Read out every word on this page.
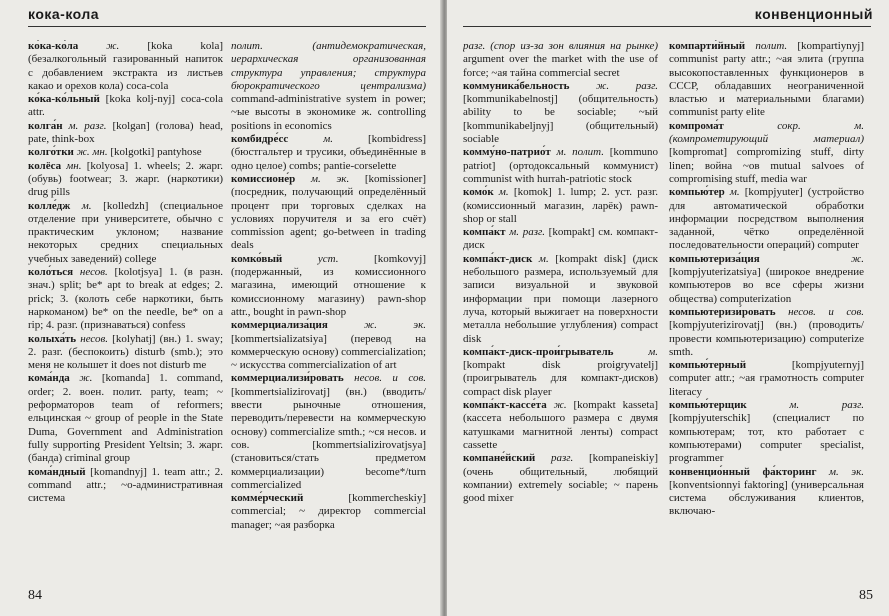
кока-кола

ко́ка-ко́ла ж. [koka kola] (безалкогольный газированный напиток с добавлением экстракта из листьев какао и орехов кола) coca-cola

ко́ка-ко́льный [koka kolj-nyj] coca-cola attr.

колга́н м. разг. [kolgan] (голова) head, pate, think-box

колго́тки ж. мн. [kolgotki] pantyhose

колёса мн. [kolyosa] 1. wheels; 2. жарг. (обувь) footwear; 3. жарг. (наркотики) drug pills

колле́дж м. [kolledzh] (специальное отделение при университете, обычно с практическим уклоном; название некоторых средних специальных учебных заведений) college

коло́ться несов. [kolotjsya] 1. (в разн. знач.) split; be* apt to break at edges; 2. prick; 3. (колоть себе наркотики, быть наркоманом) be* on the needle, be* on a rip; 4. разг. (признаваться) confess

колыха́ть несов. [kolyhatj] (вн.) 1. sway; 2. разг. (беспокоить) disturb (smb.); это меня не колышет it does not disturb me

кома́нда ж. [komanda] 1. command, order; 2. воен. полит. party, team; ~ реформаторов team of reformers; ельцинская ~ group of people in the State Duma, Government and Administration fully supporting President Yeltsin; 3. жарг. (банда) criminal group

кома́ндный [komandnyj] 1. team attr.; 2. command attr.; ~о-административная система

полит. (антидемократическая, иерархическая организованная структура управления; структура бюрократического централизма) command-administrative system in power; ~ые высоты в экономике ж. controlling positions in economics

комбидре́сс м. [kombidress] (бюстгальтер и трусики, объединённые в одно целое) combs; pantie-corselette

комиссионе́р м. эк. [komissioner] (посредник, получающий определённый процент при торговых сделках на условиях поручителя и за его счёт) commission agent; go-between in trading deals

комко́вый уст. [komkovyj] (подержанный, из комиссионного магазина, имеющий отношение к комиссионному магазину) pawn-shop attr., bought in pawn-shop

коммерциализа́ция ж. эк. [kommertsializatsiya] (перевод на коммерческую основу) commercialization; ~ искусства commercialization of art

коммерциализи́ровать несов. и сов. [kommertsializirovatj] (вн.) (вводить/ввести рыночные отношения, переводить/перевести на коммерческую основу) commercialize smth.; ~ся несов. и сов. [kommertsializirovatjsya] (становиться/стать предметом коммерциализации) become*/turn commercialized

комме́рческий [kommercheskiy] commercial; ~ директор commercial manager; ~ая разборка

84
конвенционный

разг. (спор из-за зон влияния на рынке) argument over the market with the use of force; ~ая тайна commercial secret

коммуника́бельность ж. разг. [kommunikabelnostj] (общительность) ability to be sociable; ~ый [kommunikabeljnyj] (общительный) sociable

комму́но-патрио́т м. полит. [kommuno patriot] (ортодоксальный коммунист) communist with hurrah-patriotic stock

комо́к м. [komok] 1. lump; 2. уст. разг. (комиссионный магазин, ларёк) pawn-shop or stall

компа́кт м. разг. [kompakt] см. компакт-диск

компа́кт-диск м. [kompakt disk] (диск небольшого размера, используемый для записи визуальной и звуковой информации при помощи лазерного луча, который выжигает на поверхности металла небольшие углубления) compact disk

компа́кт-диск-прои́грыватель м. [kompakt disk proigryvatelj] (проигрыватель для компакт-дисков) compact disk player

компа́кт-кассе́та ж. [kompakt kasseta] (кассета небольшого размера с двумя катушками магнитной ленты) compact cassette

компане́йский разг. [kompaneiskiy] (очень общительный, любящий компании) extremely sociable; ~ парень good mixer

компарти́йный полит. [kompartiynyj] communist party attr.; ~ая элита (группа высокопоставленных функционеров в СССР, обладавших неограниченной властью и материальными благами) communist party elite

компрома́т сокр. м. (компрометирующий материал) [kompromat] compromizing stuff, dirty linen; война ~ов mutual salvoes of compromising stuff, media war

компью́тер м. [kompjyuter] (устройство для автоматической обработки информации посредством выполнения заданной, чётко определённой последовательности операций) computer

компьютериза́ция ж. [kompjyuterizatsiya] (широкое внедрение компьютеров во все сферы жизни общества) computerization

компьютеризи́ровать несов. и сов. [kompjyuterizirovatj] (вн.) (проводить/провести компьютеризацию) computerize smth.

компью́терный [kompjyuternyj] computer attr.; ~ая грамотность computer literacy

компью́терщик м. разг. [kompjyuterschik] (специалист по компьютерам; тот, кто работает с компьютерами) computer specialist, programmer

конвенцио́нный фа́кторинг м. эк. [konventsionnyi faktoring] (универсальная система обслуживания клиентов, включаю-

85
